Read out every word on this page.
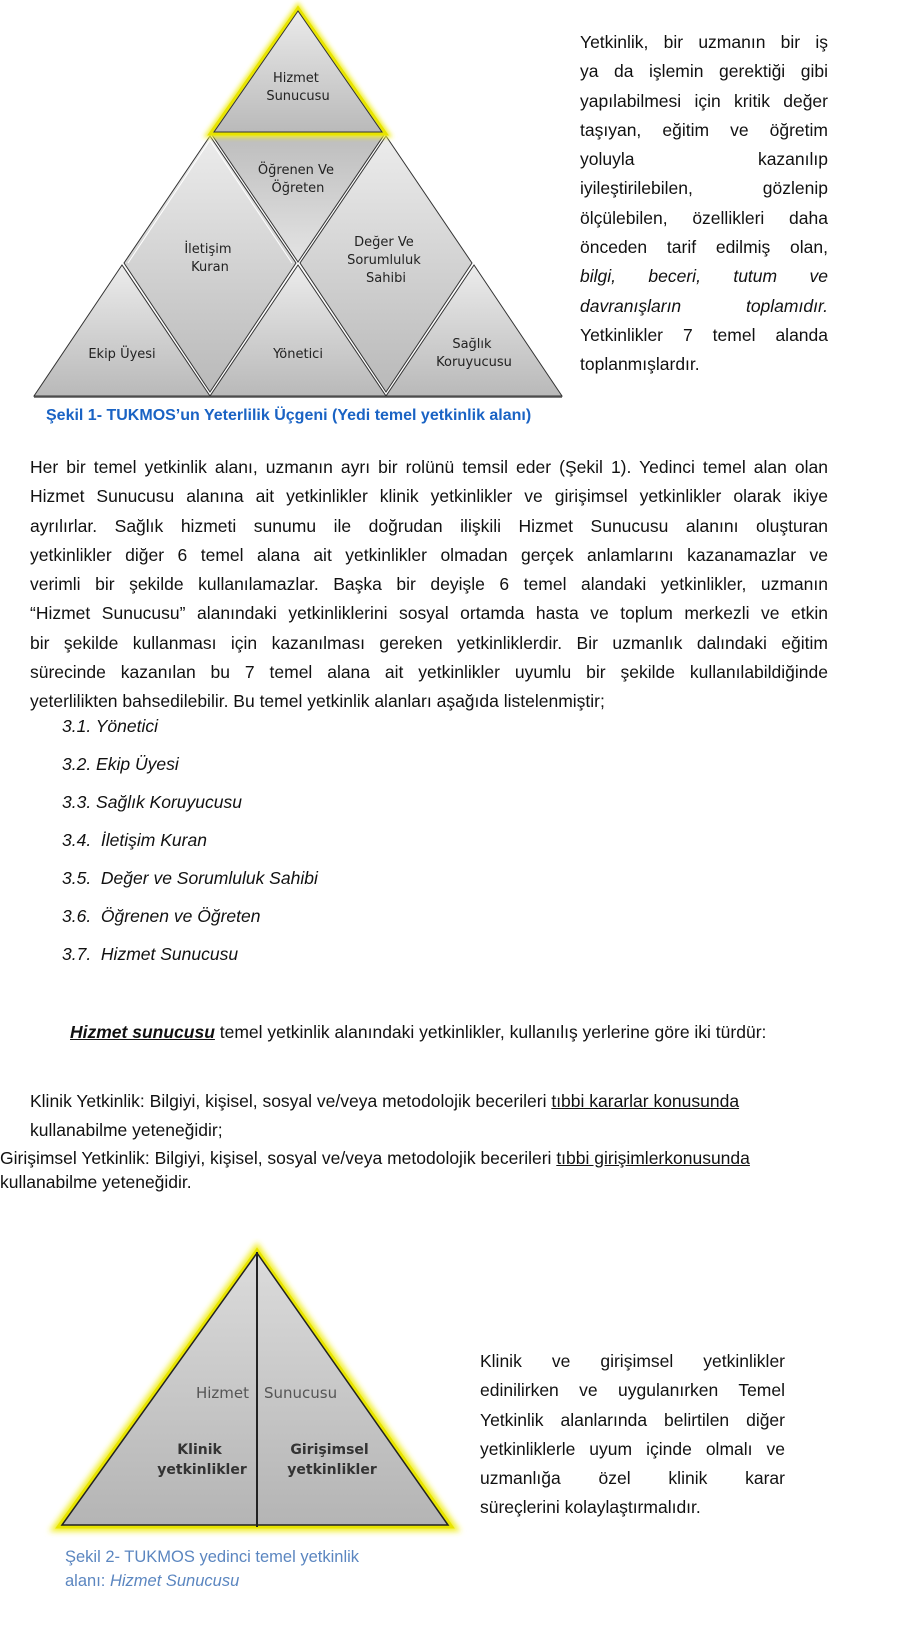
Hizmet Sunucusu
Öğrenen Ve Öğreten
İletişim Kuran
Değer Ve Sorumluluk Sahibi
Ekip Üyesi	Yönetici
Sağlık Koruyucusu
Şekil 1- TUKMOS’un Yeterlilik Üçgeni (Yedi temel yetkinlik alanı)
Yetkinlik, bir uzmanın bir iş
ya da işlemin gerektiği gibi
yapılabilmesi için kritik değer
taşıyan, eğitim ve öğretim
yoluyla kazanılıp
iyileştirilebilen, gözlenip
ölçülebilen, özellikleri daha
önceden tarif edilmiş olan,
bilgi, beceri, tutum ve
davranışların toplamıdır.
Yetkinlikler 7 temel alanda
toplanmışlardır.
Her bir temel yetkinlik alanı, uzmanın ayrı bir rolünü temsil eder (Şekil 1). Yedinci temel alan olan
Hizmet Sunucusu alanına ait yetkinlikler klinik yetkinlikler ve girişimsel yetkinlikler olarak ikiye
ayrılırlar. Sağlık hizmeti sunumu ile doğrudan ilişkili Hizmet Sunucusu alanını oluşturan
yetkinlikler diğer 6 temel alana ait yetkinlikler olmadan gerçek anlamlarını kazanamazlar ve
verimli bir şekilde kullanılamazlar. Başka bir deyişle 6 temel alandaki yetkinlikler, uzmanın
“Hizmet Sunucusu” alanındaki yetkinliklerini sosyal ortamda hasta ve toplum merkezli ve etkin
bir şekilde kullanması için kazanılması gereken yetkinliklerdir. Bir uzmanlık dalındaki eğitim
sürecinde kazanılan bu 7 temel alana ait yetkinlikler uyumlu bir şekilde kullanılabildiğinde
yeterlilikten bahsedilebilir. Bu temel yetkinlik alanları aşağıda listelenmiştir;
3.1. Yönetici
3.2. Ekip Üyesi
3.3. Sağlık Koruyucusu
3.4.  İletişim Kuran
3.5.  Değer ve Sorumluluk Sahibi
3.6.  Öğrenen ve Öğreten
3.7.  Hizmet Sunucusu
Hizmet sunucusu temel yetkinlik alanındaki yetkinlikler, kullanılış yerlerine göre iki türdür:
Klinik Yetkinlik: Bilgiyi, kişisel, sosyal ve/veya metodolojik becerileri tıbbi kararlar konusunda
kullanabilme yeteneğidir;
Girişimsel Yetkinlik: Bilgiyi, kişisel, sosyal ve/veya metodolojik becerileri tıbbi girişimlerkonusunda
kullanabilme yeteneğidir.
Hizmet Sunucusu
Klinik yetkinlikler
Girişimsel yetkinlikler
Şekil 2- TUKMOS yedinci temel yetkinlik
alanı: Hizmet Sunucusu
Klinik ve girişimsel yetkinlikler
edinilirken ve uygulanırken Temel
Yetkinlik alanlarında belirtilen diğer
yetkinliklerle uyum içinde olmalı ve
uzmanlığa özel klinik karar
süreçlerini kolaylaştırmalıdır.
